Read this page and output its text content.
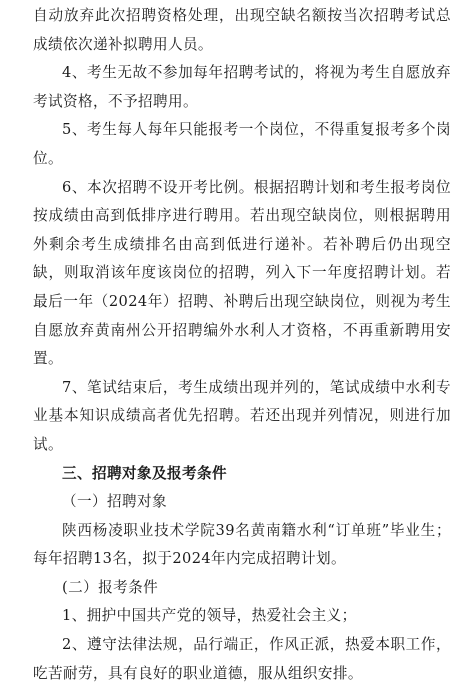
自动放弃此次招聘资格处理，出现空缺名额按当次招聘考试总成绩依次递补拟聘用人员。

4、考生无故不参加每年招聘考试的，将视为考生自愿放弃考试资格，不予招聘用。

5、考生每人每年只能报考一个岗位，不得重复报考多个岗位。

6、本次招聘不设开考比例。根据招聘计划和考生报考岗位按成绩由高到低排序进行聘用。若出现空缺岗位，则根据聘用外剩余考生成绩排名由高到低进行递补。若补聘后仍出现空缺，则取消该年度该岗位的招聘，列入下一年度招聘计划。若最后一年（2024年）招聘、补聘后出现空缺岗位，则视为考生自愿放弃黄南州公开招聘编外水利人才资格，不再重新聘用安置。

7、笔试结束后，考生成绩出现并列的，笔试成绩中水利专业基本知识成绩高者优先招聘。若还出现并列情况，则进行加试。

三、招聘对象及报考条件

（一）招聘对象

陕西杨凌职业技术学院39名黄南籍水利“订单班”毕业生；每年招聘13名，拟于2024年内完成招聘计划。

(二）报考条件

1、拥护中国共产党的领导，热爱社会主义；

2、遵守法律法规，品行端正，作风正派，热爱本职工作，吃苦耐劳，具有良好的职业道德，服从组织安排。
